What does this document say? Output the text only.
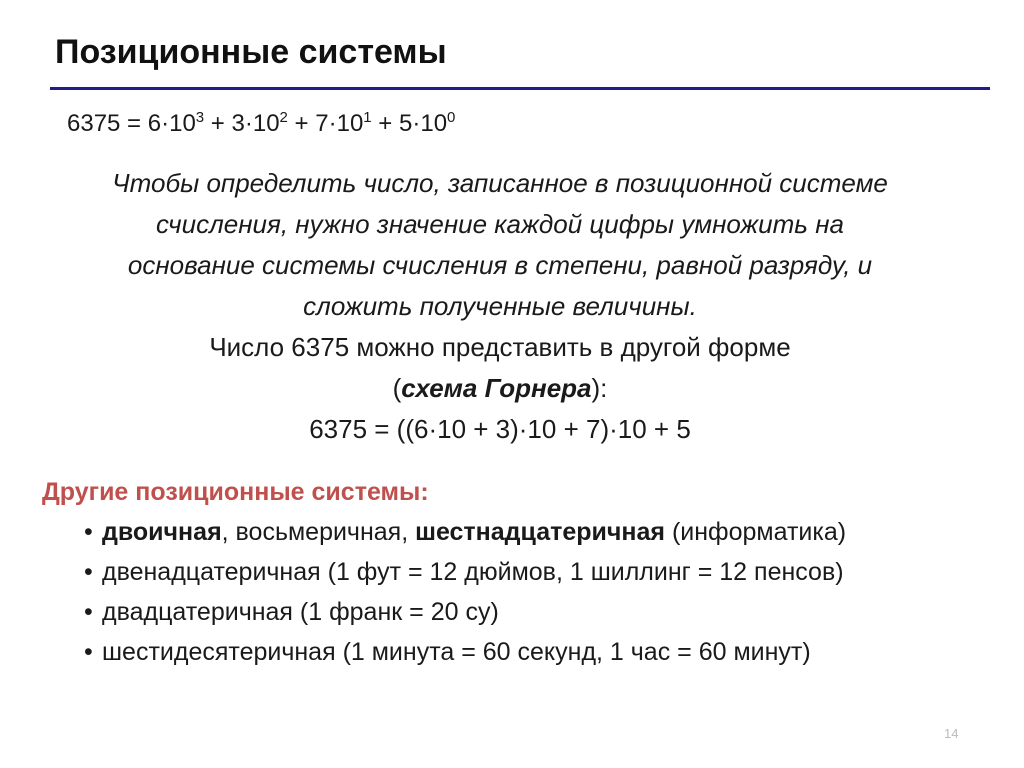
Позиционные системы
$6375 = 6\cdot 10^3 + 3\cdot 10^2 + 7\cdot 10^1 + 5\cdot 10^0$
Чтобы определить число, записанное в позиционной системе
счисления, нужно значение каждой цифры умножить на
основание системы счисления в степени, равной разряду, и
сложить полученные величины.
Число 6375 можно представить в другой форме
(схема Горнера):
6375 = ((6·10 + 3)·10 + 7)·10 + 5
Другие позиционные системы:
• двоичная, восьмеричная, шестнадцатеричная (информатика)
• двенадцатеричная (1 фут = 12 дюймов, 1 шиллинг = 12 пенсов)
• двадцатеричная (1 франк = 20 су)
• шестидесятеричная (1 минута = 60 секунд, 1 час = 60 минут)
14
